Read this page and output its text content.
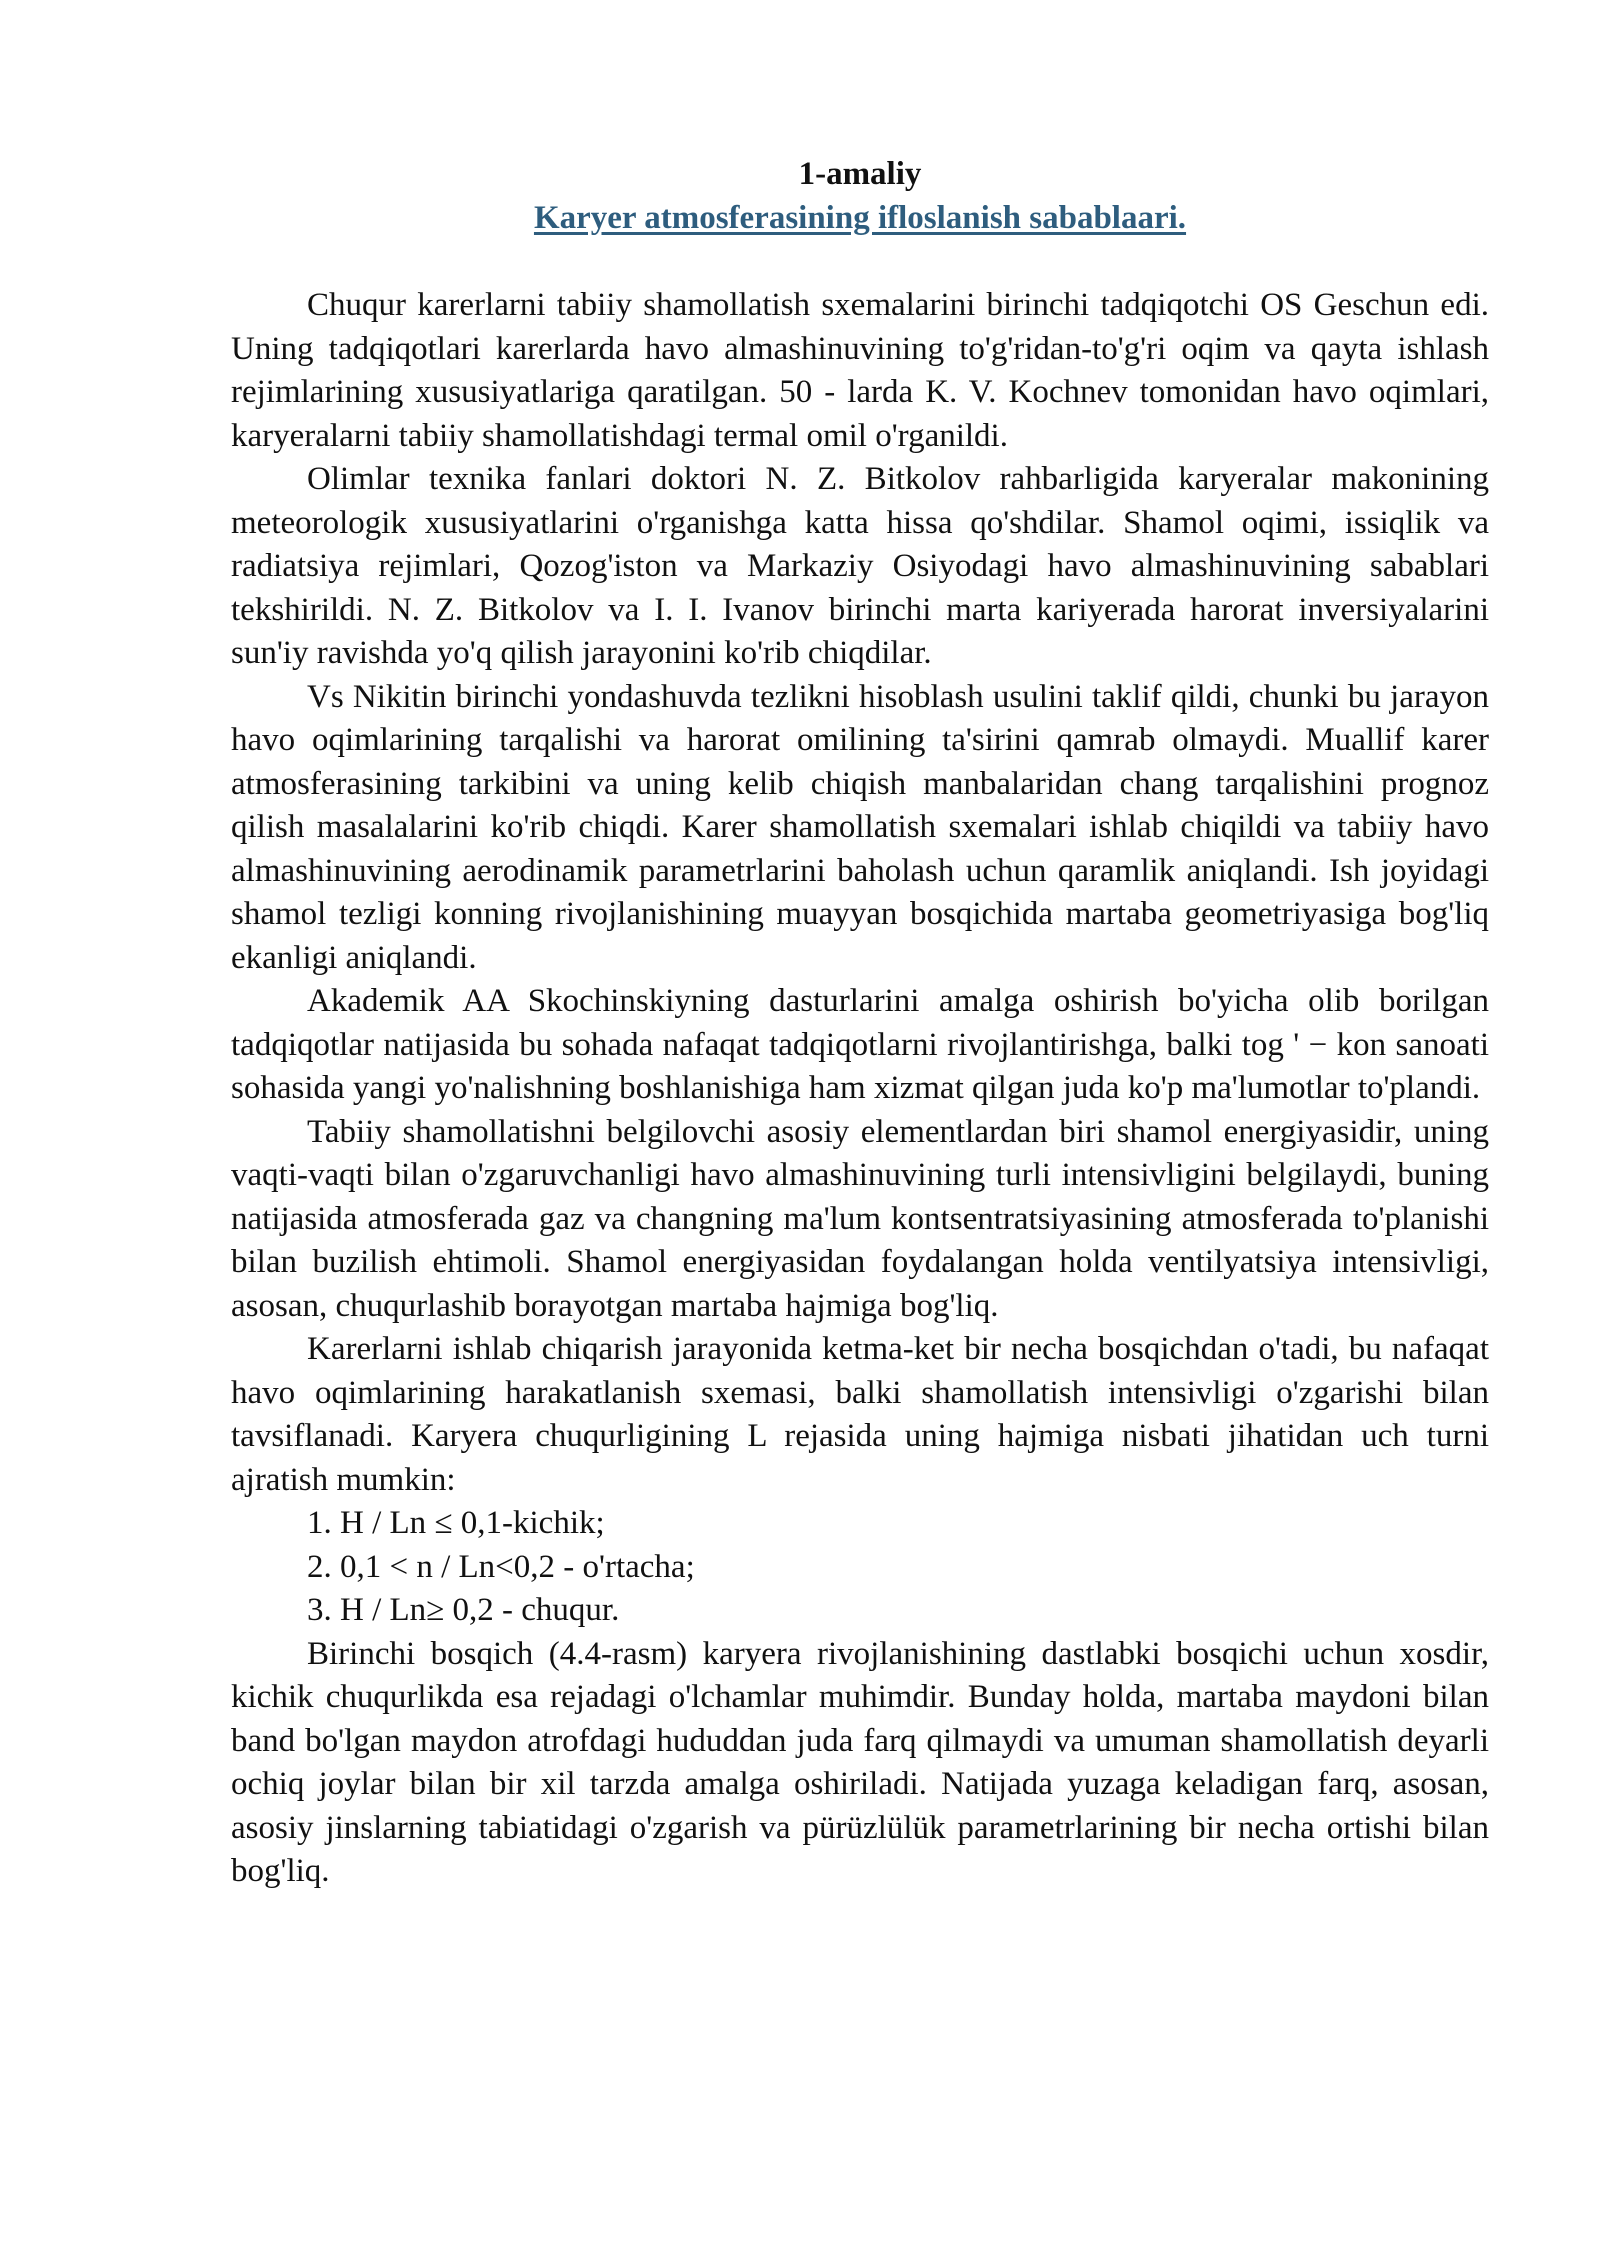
1-amaliy

Karyer atmosferasining ifloslanish sabablaari.

Chuqur karerlarni tabiiy shamollatish sxemalarini birinchi tadqiqotchi OS Geschun edi. Uning tadqiqotlari karerlarda havo almashinuvining to'g'ridan-to'g'ri oqim va qayta ishlash rejimlarining xususiyatlariga qaratilgan. 50 - larda K. V. Kochnev tomonidan havo oqimlari, karyeralarni tabiiy shamollatishdagi termal omil o'rganildi.

Olimlar texnika fanlari doktori N. Z. Bitkolov rahbarligida karyeralar makonining meteorologik xususiyatlarini o'rganishga katta hissa qo'shdilar. Shamol oqimi, issiqlik va radiatsiya rejimlari, Qozog'iston va Markaziy Osiyodagi havo almashinuvining sabablari tekshirildi. N. Z. Bitkolov va I. I. Ivanov birinchi marta kariyerada harorat inversiyalarini sun'iy ravishda yo'q qilish jarayonini ko'rib chiqdilar.

Vs Nikitin birinchi yondashuvda tezlikni hisoblash usulini taklif qildi, chunki bu jarayon havo oqimlarining tarqalishi va harorat omilining ta'sirini qamrab olmaydi. Muallif karer atmosferasining tarkibini va uning kelib chiqish manbalaridan chang tarqalishini prognoz qilish masalalarini ko'rib chiqdi. Karer shamollatish sxemalari ishlab chiqildi va tabiiy havo almashinuvining aerodinamik parametrlarini baholash uchun qaramlik aniqlandi. Ish joyidagi shamol tezligi konning rivojlanishining muayyan bosqichida martaba geometriyasiga bog'liq ekanligi aniqlandi.

Akademik AA Skochinskiyning dasturlarini amalga oshirish bo'yicha olib borilgan tadqiqotlar natijasida bu sohada nafaqat tadqiqotlarni rivojlantirishga, balki tog ' − kon sanoati sohasida yangi yo'nalishning boshlanishiga ham xizmat qilgan juda ko'p ma'lumotlar to'plandi.

Tabiiy shamollatishni belgilovchi asosiy elementlardan biri shamol energiyasidir, uning vaqti-vaqti bilan o'zgaruvchanligi havo almashinuvining turli intensivligini belgilaydi, buning natijasida atmosferada gaz va changning ma'lum kontsentratsiyasining atmosferada to'planishi bilan buzilish ehtimoli. Shamol energiyasidan foydalangan holda ventilyatsiya intensivligi, asosan, chuqurlashib borayotgan martaba hajmiga bog'liq.

Karerlarni ishlab chiqarish jarayonida ketma-ket bir necha bosqichdan o'tadi, bu nafaqat havo oqimlarining harakatlanish sxemasi, balki shamollatish intensivligi o'zgarishi bilan tavsiflanadi. Karyera chuqurligining L rejasida uning hajmiga nisbati jihatidan uch turni ajratish mumkin:

1. H / Ln ≤ 0,1-kichik;

2. 0,1 < n / Ln<0,2 - o'rtacha;

3. H / Ln≥ 0,2 - chuqur.

Birinchi bosqich (4.4-rasm) karyera rivojlanishining dastlabki bosqichi uchun xosdir, kichik chuqurlikda esa rejadagi o'lchamlar muhimdir. Bunday holda, martaba maydoni bilan band bo'lgan maydon atrofdagi hududdan juda farq qilmaydi va umuman shamollatish deyarli ochiq joylar bilan bir xil tarzda amalga oshiriladi. Natijada yuzaga keladigan farq, asosan, asosiy jinslarning tabiatidagi o'zgarish va pürüzlülük parametrlarining bir necha ortishi bilan bog'liq.
